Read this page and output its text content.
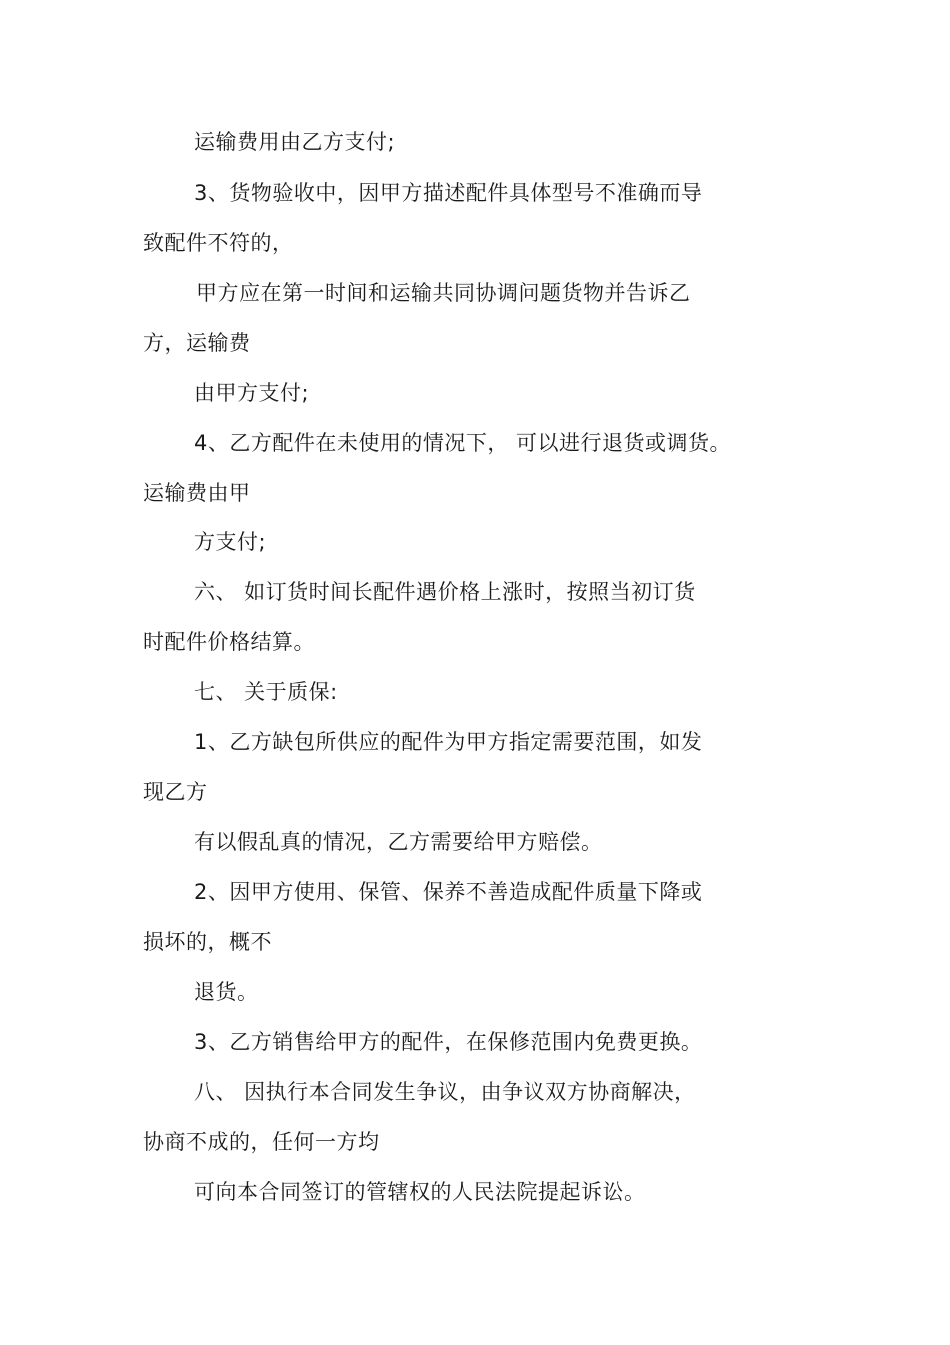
运输费用由乙方支付;
3、货物验收中，因甲方描述配件具体型号不准确而导
致配件不符的，
甲方应在第一时间和运输共同协调问题货物并告诉乙
方，运输费
由甲方支付;
4、乙方配件在未使用的情况下， 可以进行退货或调货。
运输费由甲
方支付;
六、 如订货时间长配件遇价格上涨时，按照当初订货
时配件价格结算。
七、 关于质保:
1、乙方缺包所供应的配件为甲方指定需要范围，如发
现乙方
有以假乱真的情况，乙方需要给甲方赔偿。
2、因甲方使用、保管、保养不善造成配件质量下降或
损坏的，概不
退货。
3、乙方销售给甲方的配件，在保修范围内免费更换。
八、 因执行本合同发生争议，由争议双方协商解决，
协商不成的，任何一方均
可向本合同签订的管辖权的人民法院提起诉讼。
